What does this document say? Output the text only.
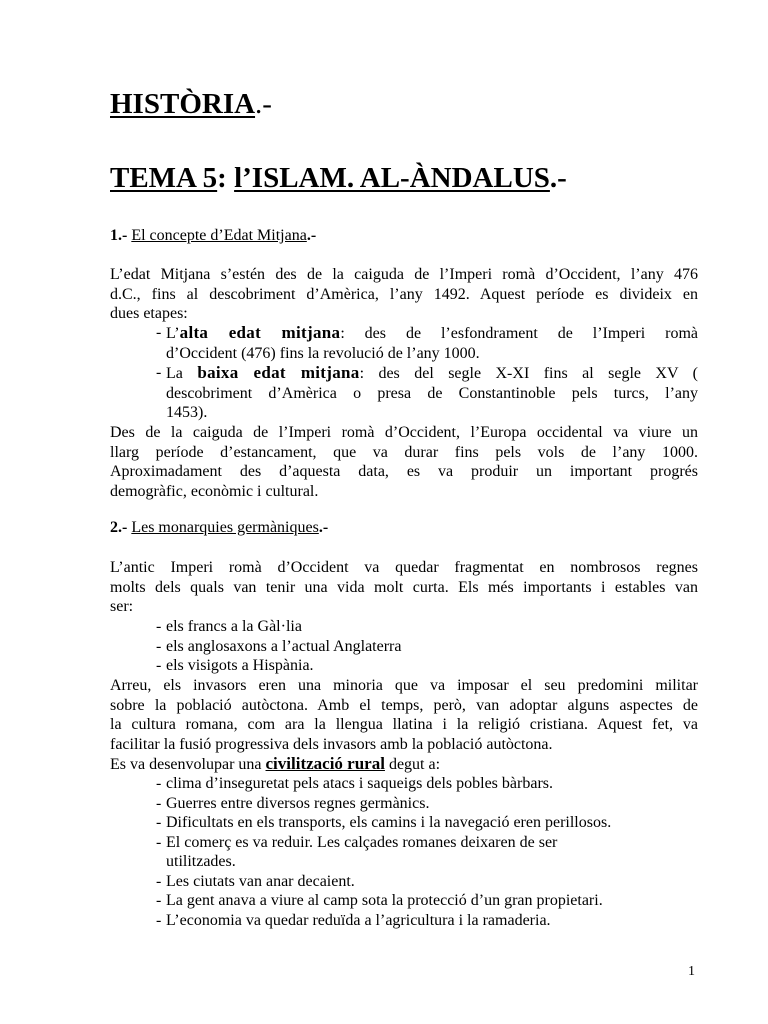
HISTÒRIA.-
TEMA 5: l’ISLAM. AL-ÀNDALUS.-
1.- El concepte d’Edat Mitjana.-
L’edat Mitjana s’estén des de la caiguda de l’Imperi romà d’Occident, l’any 476
d.C., fins al descobriment d’Amèrica, l’any 1492. Aquest període es divideix en
dues etapes:
- L’alta edat mitjana: des de l’esfondrament de l’Imperi romà
d’Occident (476) fins la revolució de l’any 1000.
- La baixa edat mitjana: des del segle X-XI fins al segle XV (
descobriment d’Amèrica o presa de Constantinoble pels turcs, l’any
1453).
Des de la caiguda de l’Imperi romà d’Occident, l’Europa occidental va viure un
llarg període d’estancament, que va durar fins pels vols de l’any 1000.
Aproximadament des d’aquesta data, es va produir un important progrés
demogràfic, econòmic i cultural.
2.- Les monarquies germàniques.-
L’antic Imperi romà d’Occident va quedar fragmentat en nombrosos regnes
molts dels quals van tenir una vida molt curta. Els més importants i estables van
ser:
- els francs a la Gàl·lia
- els anglosaxons a l’actual Anglaterra
- els visigots a Hispània.
Arreu, els invasors eren una minoria que va imposar el seu predomini militar
sobre la població autòctona. Amb el temps, però, van adoptar alguns aspectes de
la cultura romana, com ara la llengua llatina i la religió cristiana. Aquest fet, va
facilitar la fusió progressiva dels invasors amb la població autòctona.
Es va desenvolupar una civilització rural degut a:
- clima d’inseguretat pels atacs i saqueigs dels pobles bàrbars.
- Guerres entre diversos regnes germànics.
- Dificultats en els transports, els camins i la navegació eren perillosos.
- El comerç es va reduir. Les calçades romanes deixaren de ser
utilitzades.
- Les ciutats van anar decaient.
- La gent anava a viure al camp sota la protecció d’un gran propietari.
- L’economia va quedar reduïda a l’agricultura i la ramaderia.
1
